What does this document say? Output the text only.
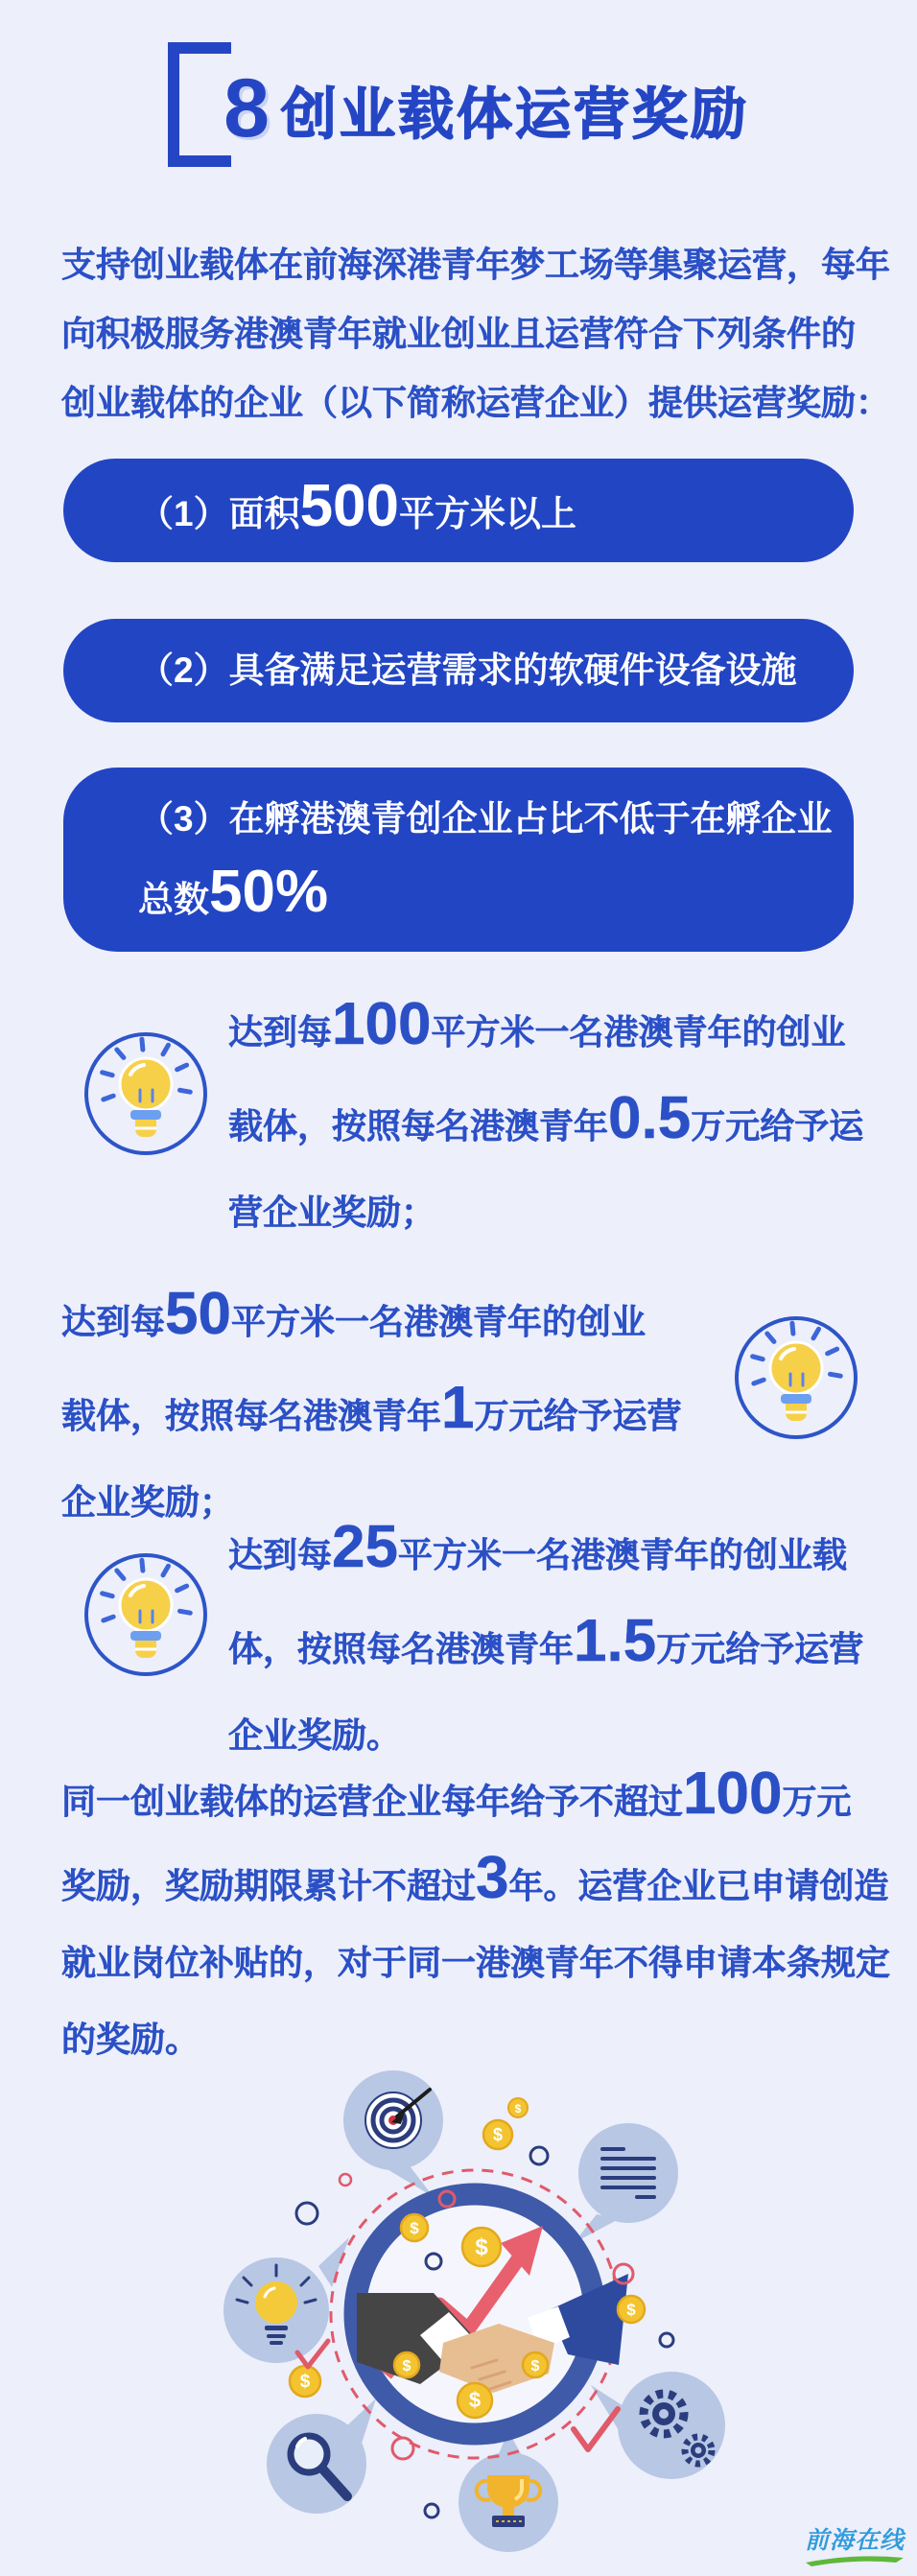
8 创业载体运营奖励
支持创业载体在前海深港青年梦工场等集聚运营，每年
向积极服务港澳青年就业创业且运营符合下列条件的
创业载体的企业（以下简称运营企业）提供运营奖励：
（1）面积500平方米以上
（2）具备满足运营需求的软硬件设备设施
（3）在孵港澳青创企业占比不低于在孵企业
总数50%
达到每100平方米一名港澳青年的创业
载体，按照每名港澳青年0.5万元给予运
营企业奖励；
达到每50平方米一名港澳青年的创业
载体，按照每名港澳青年1万元给予运营
企业奖励；
达到每25平方米一名港澳青年的创业载
体，按照每名港澳青年1.5万元给予运营
企业奖励。
同一创业载体的运营企业每年给予不超过100万元
奖励，奖励期限累计不超过3年。运营企业已申请创造
就业岗位补贴的，对于同一港澳青年不得申请本条规定
的奖励。
$
$
$	$
$
$
$
$
$
前海在线
